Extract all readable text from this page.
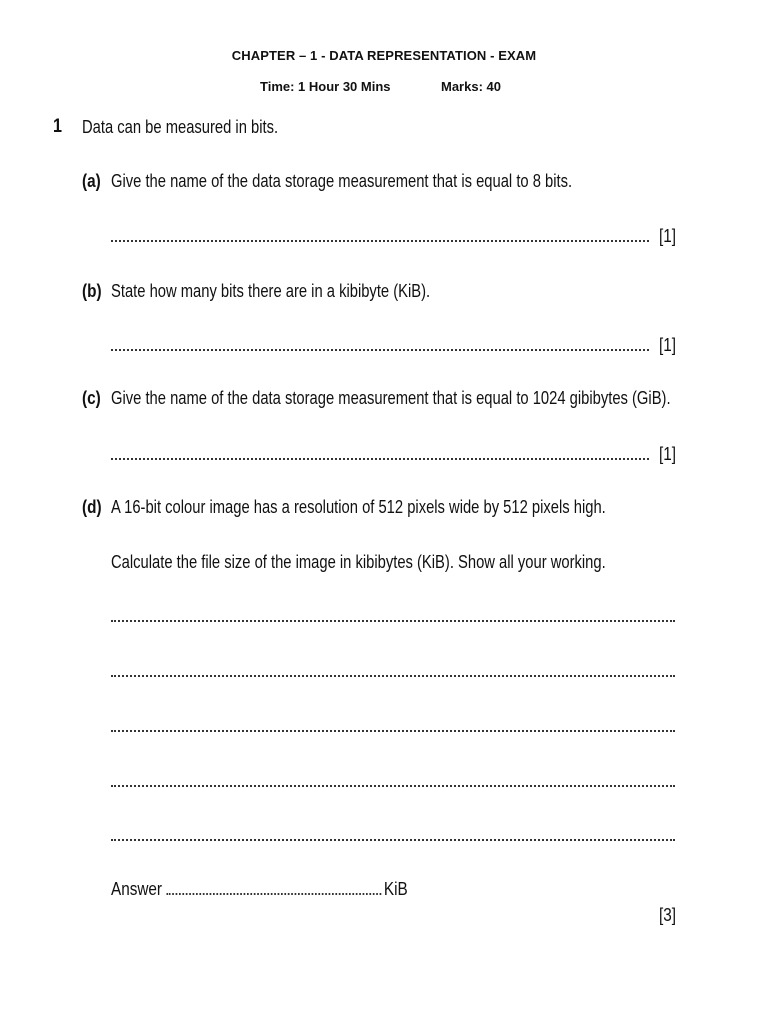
CHAPTER – 1 - DATA REPRESENTATION - EXAM
Time: 1 Hour 30 Mins	Marks: 40
1 Data can be measured in bits.
(a) Give the name of the data storage measurement that is equal to 8 bits.
[1]
(b) State how many bits there are in a kibibyte (KiB).
[1]
(c) Give the name of the data storage measurement that is equal to 1024 gibibytes (GiB).
[1]
(d) A 16-bit colour image has a resolution of 512 pixels wide by 512 pixels high.
Calculate the file size of the image in kibibytes (KiB). Show all your working.
Answer	KiB
[3]
